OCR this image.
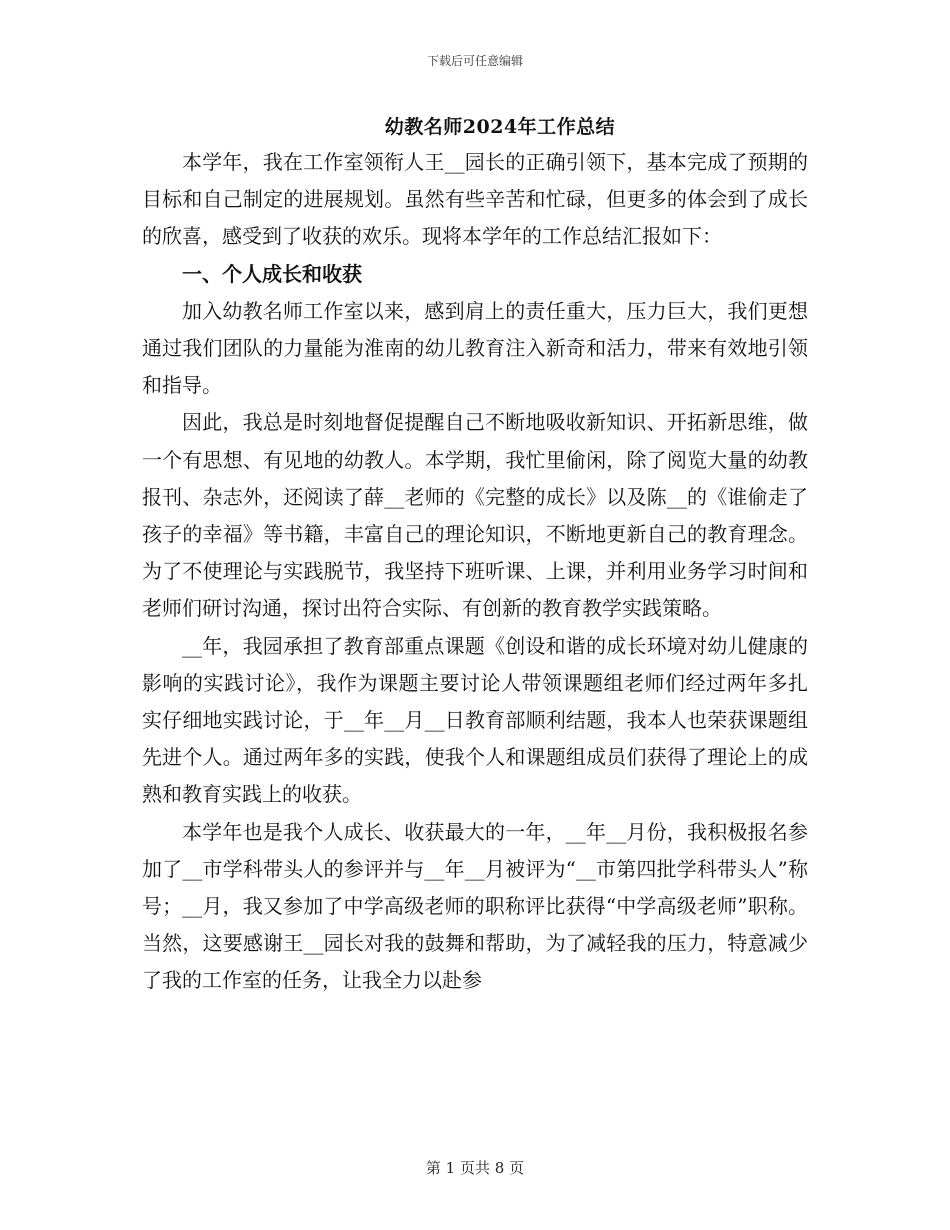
下载后可任意编辑
幼教名师2024年工作总结

本学年，我在工作室领衔人王__园长的正确引领下，基本完成了预期的目标和自己制定的进展规划。虽然有些辛苦和忙碌，但更多的体会到了成长的欣喜，感受到了收获的欢乐。现将本学年的工作总结汇报如下：

一、个人成长和收获

加入幼教名师工作室以来，感到肩上的责任重大，压力巨大，我们更想通过我们团队的力量能为淮南的幼儿教育注入新奇和活力，带来有效地引领和指导。

因此，我总是时刻地督促提醒自己不断地吸收新知识、开拓新思维，做一个有思想、有见地的幼教人。本学期，我忙里偷闲，除了阅览大量的幼教报刊、杂志外，还阅读了薛__老师的《完整的成长》以及陈__的《谁偷走了孩子的幸福》等书籍，丰富自己的理论知识，不断地更新自己的教育理念。为了不使理论与实践脱节，我坚持下班听课、上课，并利用业务学习时间和老师们研讨沟通，探讨出符合实际、有创新的教育教学实践策略。

__年，我园承担了教育部重点课题《创设和谐的成长环境对幼儿健康的影响的实践讨论》，我作为课题主要讨论人带领课题组老师们经过两年多扎实仔细地实践讨论，于__年__月__日教育部顺利结题，我本人也荣获课题组先进个人。通过两年多的实践，使我个人和课题组成员们获得了理论上的成熟和教育实践上的收获。

本学年也是我个人成长、收获最大的一年，__年__月份，我积极报名参加了__市学科带头人的参评并与__年__月被评为“__市第四批学科带头人”称号；__月，我又参加了中学高级老师的职称评比获得“中学高级老师”职称。当然，这要感谢王__园长对我的鼓舞和帮助，为了减轻我的压力，特意减少了我的工作室的任务，让我全力以赴参

第 1 页共 8 页
